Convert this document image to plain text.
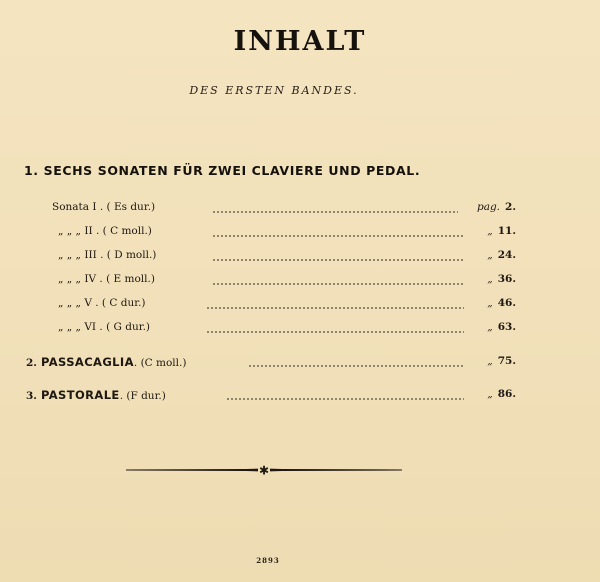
INHALT
DES ERSTEN BANDES.
1. SECHS SONATEN FÜR ZWEI CLAVIERE UND PEDAL.
Sonata I . ( Es dur.)	pag. 2.
„ „ „ II . ( C moll.)	„ 11.
„ „ „ III . ( D moll.)	„ 24.
„ „ „ IV . ( E moll.)	„ 36.
„ „ „ V . ( C dur.)	„ 46.
„ „ „ VI . ( G dur.)	„ 63.
2. PASSACAGLIA. (C moll.)	„ 75.
3. PASTORALE. (F dur.)	„ 86.
✱
2893
